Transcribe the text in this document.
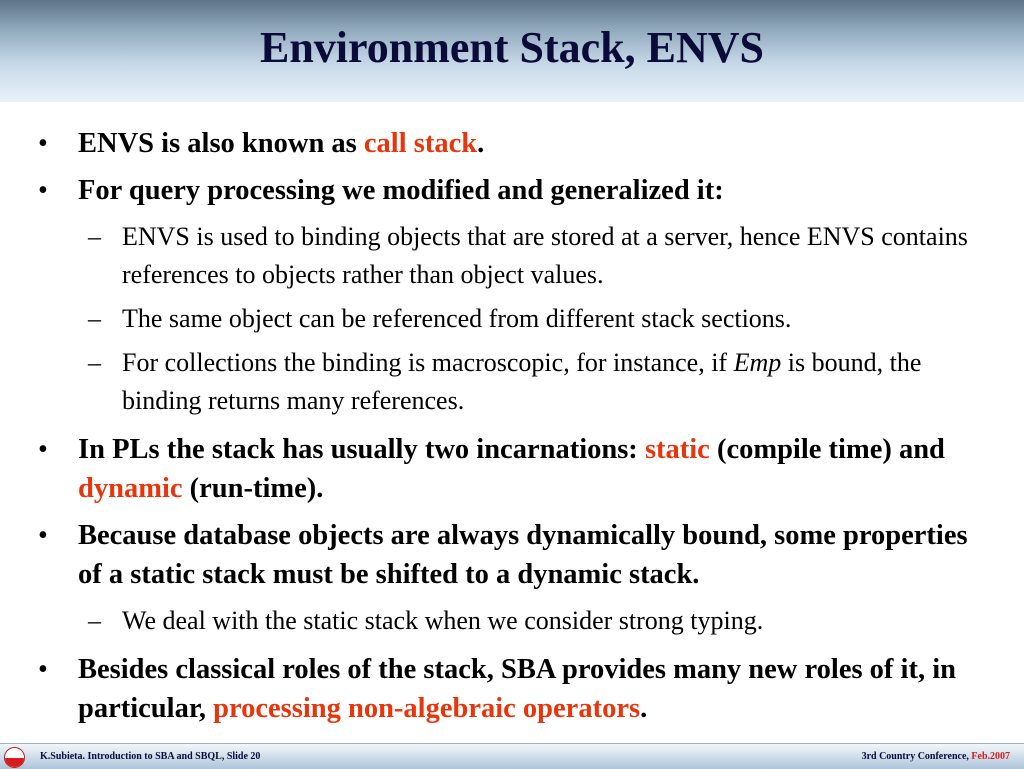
Environment Stack, ENVS
• ENVS is also known as call stack.
• For query processing we modified and generalized it:
– ENVS is used to binding objects that are stored at a server, hence ENVS contains references to objects rather than object values.
– The same object can be referenced from different stack sections.
– For collections the binding is macroscopic, for instance, if Emp is bound, the binding returns many references.
• In PLs the stack has usually two incarnations: static (compile time) and dynamic (run-time).
• Because database objects are always dynamically bound, some properties of a static stack must be shifted to a dynamic stack.
– We deal with the static stack when we consider strong typing.
• Besides classical roles of the stack, SBA provides many new roles of it, in particular, processing non-algebraic operators.
K.Subieta. Introduction to SBA and SBQL, Slide 20	3rd Country Conference, Feb.2007
